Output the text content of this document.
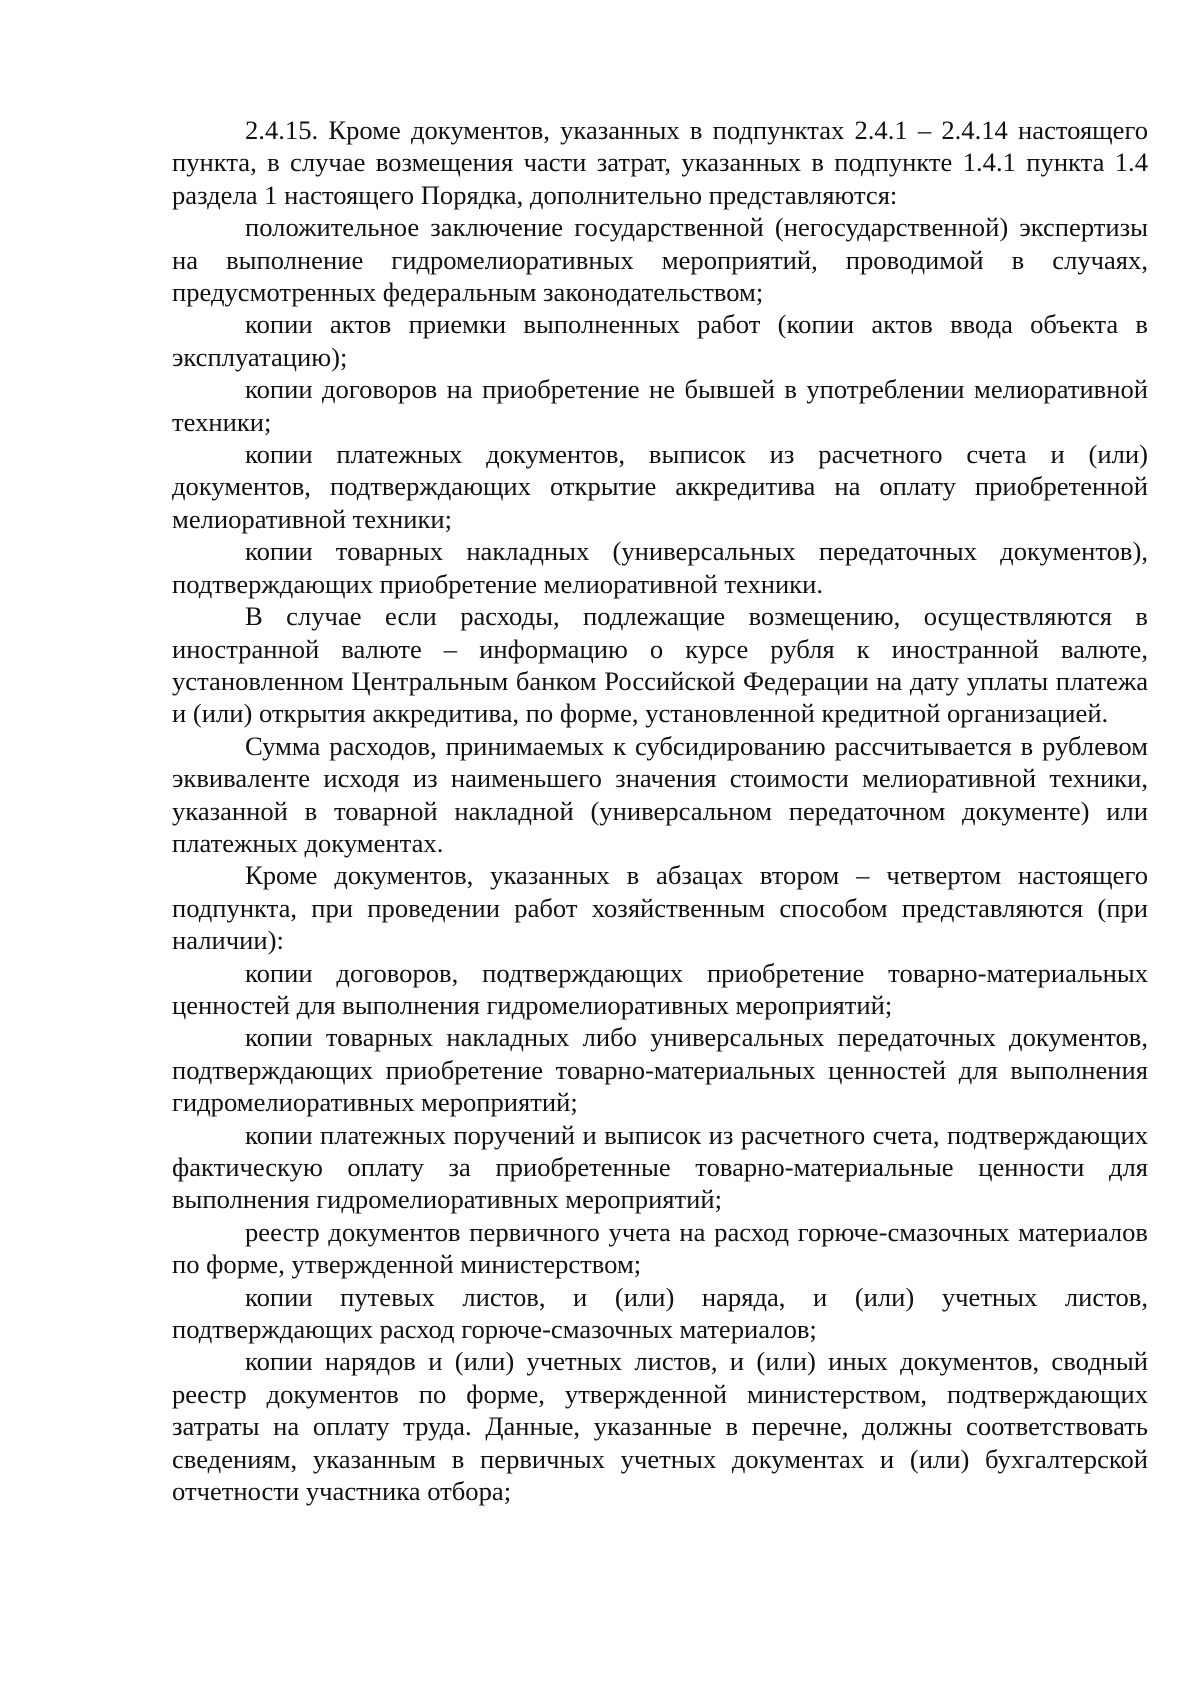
2.4.15. Кроме документов, указанных в подпунктах 2.4.1 – 2.4.14 настоящего пункта, в случае возмещения части затрат, указанных в подпункте 1.4.1 пункта 1.4 раздела 1 настоящего Порядка, дополнительно представляются:

положительное заключение государственной (негосударственной) экспертизы на выполнение гидромелиоративных мероприятий, проводимой в случаях, предусмотренных федеральным законодательством;

копии актов приемки выполненных работ (копии актов ввода объекта в эксплуатацию);

копии договоров на приобретение не бывшей в употреблении мелиоративной техники;

копии платежных документов, выписок из расчетного счета и (или) документов, подтверждающих открытие аккредитива на оплату приобретенной мелиоративной техники;

копии товарных накладных (универсальных передаточных документов), подтверждающих приобретение мелиоративной техники.

В случае если расходы, подлежащие возмещению, осуществляются в иностранной валюте – информацию о курсе рубля к иностранной валюте, установленном Центральным банком Российской Федерации на дату уплаты платежа и (или) открытия аккредитива, по форме, установленной кредитной организацией.

Сумма расходов, принимаемых к субсидированию рассчитывается в рублевом эквиваленте исходя из наименьшего значения стоимости мелиоративной техники, указанной в товарной накладной (универсальном передаточном документе) или платежных документах.

Кроме документов, указанных в абзацах втором – четвертом настоящего подпункта, при проведении работ хозяйственным способом представляются (при наличии):

копии договоров, подтверждающих приобретение товарно-материальных ценностей для выполнения гидромелиоративных мероприятий;

копии товарных накладных либо универсальных передаточных документов, подтверждающих приобретение товарно-материальных ценностей для выполнения гидромелиоративных мероприятий;

копии платежных поручений и выписок из расчетного счета, подтверждающих фактическую оплату за приобретенные товарно-материальные ценности для выполнения гидромелиоративных мероприятий;

реестр документов первичного учета на расход горюче-смазочных материалов по форме, утвержденной министерством;

копии путевых листов, и (или) наряда, и (или) учетных листов, подтверждающих расход горюче-смазочных материалов;

копии нарядов и (или) учетных листов, и (или) иных документов, сводный реестр документов по форме, утвержденной министерством, подтверждающих затраты на оплату труда. Данные, указанные в перечне, должны соответствовать сведениям, указанным в первичных учетных документах и (или) бухгалтерской отчетности участника отбора;
